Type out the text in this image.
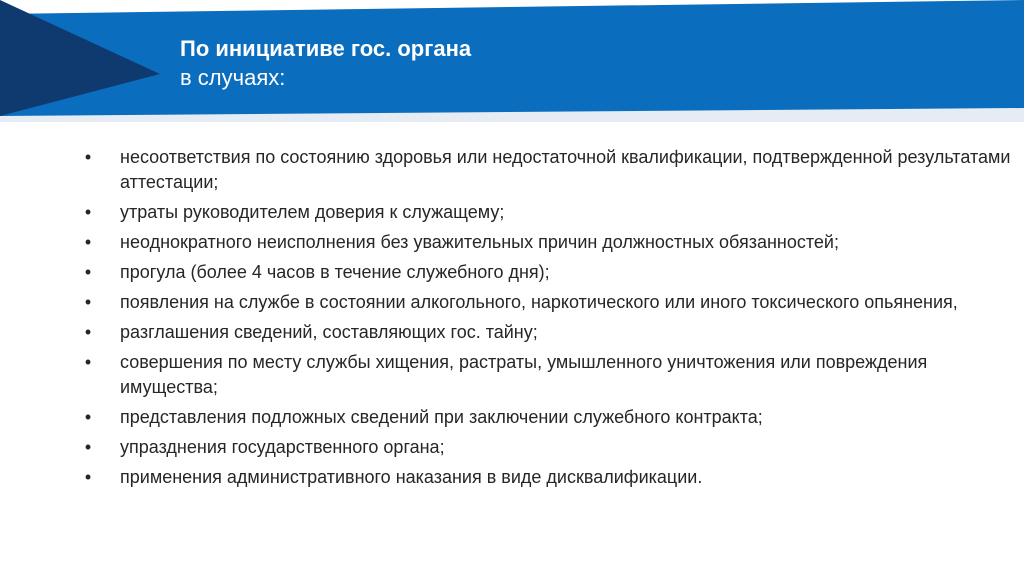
По инициативе гос. органа
в случаях:
• несоответствия по состоянию здоровья или недостаточной квалификации, подтвержденной результатами аттестации;
• утраты руководителем доверия к служащему;
• неоднократного неисполнения без уважительных причин должностных обязанностей;
• прогула (более 4 часов в течение служебного дня);
• появления на службе в состоянии алкогольного, наркотического или иного токсического опьянения,
• разглашения сведений, составляющих гос. тайну;
• совершения по месту службы хищения, растраты, умышленного уничтожения или повреждения имущества;
• представления подложных сведений при заключении служебного контракта;
• упразднения государственного органа;
• применения административного наказания в виде дисквалификации.
